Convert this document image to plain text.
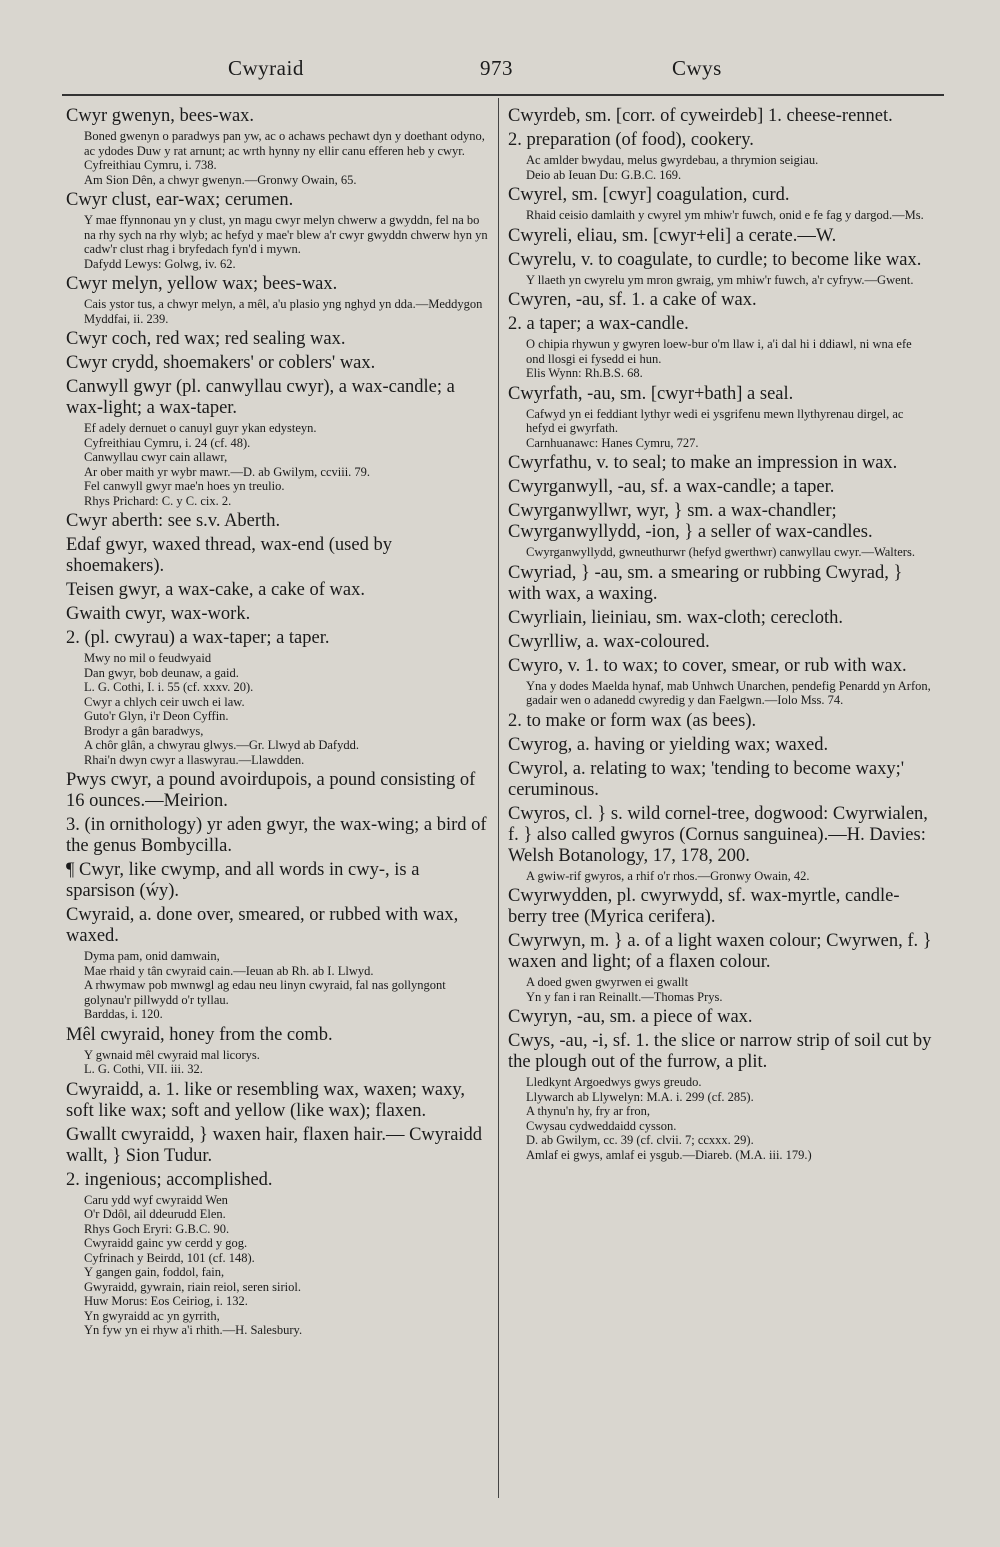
Cwyraid	973	Cwys

Cwyr gwenyn, bees-wax.

Boned gwenyn o paradwys pan yw, ac o achaws pechawt dyn y doethant odyno, ac ydodes Duw y rat arnunt; ac wrth hynny ny ellir canu efferen heb y cwyr.
Cyfreithiau Cymru, i. 738.
Am Sion Dên, a chwyr gwenyn.—Gronwy Owain, 65.

Cwyr clust, ear-wax; cerumen.

Y mae ffynnonau yn y clust, yn magu cwyr melyn chwerw a gwyddn, fel na bo na rhy sych na rhy wlyb; ac hefyd y mae'r blew a'r cwyr gwyddn chwerw hyn yn cadw'r clust rhag i bryfedach fyn'd i mywn.
Dafydd Lewys: Golwg, iv. 62.

Cwyr melyn, yellow wax; bees-wax.

Cais ystor tus, a chwyr melyn, a mêl, a'u plasio yng nghyd yn dda.—Meddygon Myddfai, ii. 239.

Cwyr coch, red wax; red sealing wax.

Cwyr crydd, shoemakers' or coblers' wax.

Canwyll gwyr (pl. canwyllau cwyr), a wax-candle; a wax-light; a wax-taper.

Ef adely dernuet o canuyl guyr ykan edysteyn.
Cyfreithiau Cymru, i. 24 (cf. 48).
Canwyllau cwyr cain allawr,
Ar ober maith yr wybr mawr.—D. ab Gwilym, ccviii. 79.
Fel canwyll gwyr mae'n hoes yn treulio.
Rhys Prichard: C. y C. cix. 2.

Cwyr aberth: see s.v. Aberth.

Edaf gwyr, waxed thread, wax-end (used by shoemakers).

Teisen gwyr, a wax-cake, a cake of wax.

Gwaith cwyr, wax-work.

2. (pl. cwyrau) a wax-taper; a taper.

Mwy no mil o feudwyaid
Dan gwyr, bob deunaw, a gaid.
L. G. Cothi, I. i. 55 (cf. xxxv. 20).
Cwyr a chlych ceir uwch ei law.
Guto'r Glyn, i'r Deon Cyffin.
Brodyr a gân baradwys,
A chôr glân, a chwyrau glwys.—Gr. Llwyd ab Dafydd.
Rhai'n dwyn cwyr a llaswyrau.—Llawdden.

Pwys cwyr, a pound avoirdupois, a pound consisting of 16 ounces.—Meirion.

3. (in ornithology) yr aden gwyr, the wax-wing; a bird of the genus Bombycilla.

¶ Cwyr, like cwymp, and all words in cwy-, is a sparsison (ẃy).

Cwyraid, a. done over, smeared, or rubbed with wax, waxed.

Dyma pam, onid damwain,
Mae rhaid y tân cwyraid cain.—Ieuan ab Rh. ab I. Llwyd.
A rhwymaw pob mwnwgl ag edau neu linyn cwyraid, fal nas gollyngont golynau'r pillwydd o'r tyllau.
Barddas, i. 120.

Mêl cwyraid, honey from the comb.

Y gwnaid mêl cwyraid mal licorys.
L. G. Cothi, VII. iii. 32.

Cwyraidd, a. 1. like or resembling wax, waxen; waxy, soft like wax; soft and yellow (like wax); flaxen.

Gwallt cwyraidd, } waxen hair, flaxen hair.— Cwyraidd wallt, } Sion Tudur.

2. ingenious; accomplished.

Caru ydd wyf cwyraidd Wen
O'r Ddôl, ail ddeurudd Elen.
Rhys Goch Eryri: G.B.C. 90.
Cwyraidd gainc yw cerdd y gog.
Cyfrinach y Beirdd, 101 (cf. 148).
Y gangen gain, foddol, fain,
Gwyraidd, gywrain, riain reiol, seren siriol.
Huw Morus: Eos Ceiriog, i. 132.
Yn gwyraidd ac yn gyrrith,
Yn fyw yn ei rhyw a'i rhith.—H. Salesbury.

Cwyrdeb, sm. [corr. of cyweirdeb] 1. cheese-rennet.

2. preparation (of food), cookery.

Ac amlder bwydau, melus gwyrdebau, a thrymion seigiau.
Deio ab Ieuan Du: G.B.C. 169.

Cwyrel, sm. [cwyr] coagulation, curd.

Rhaid ceisio damlaith y cwyrel ym mhiw'r fuwch, onid e fe fag y dargod.—Ms.

Cwyreli, eliau, sm. [cwyr+eli] a cerate.—W.

Cwyrelu, v. to coagulate, to curdle; to become like wax.

Y llaeth yn cwyrelu ym mron gwraig, ym mhiw'r fuwch, a'r cyfryw.—Gwent.

Cwyren, -au, sf. 1. a cake of wax.

2. a taper; a wax-candle.

O chipia rhywun y gwyren loew-bur o'm llaw i, a'i dal hi i ddiawl, ni wna efe ond llosgi ei fysedd ei hun.
Elis Wynn: Rh.B.S. 68.

Cwyrfath, -au, sm. [cwyr+bath] a seal.

Cafwyd yn ei feddiant lythyr wedi ei ysgrifenu mewn llythyrenau dirgel, ac hefyd ei gwyrfath.
Carnhuanawc: Hanes Cymru, 727.

Cwyrfathu, v. to seal; to make an impression in wax.

Cwyrganwyll, -au, sf. a wax-candle; a taper.

Cwyrganwyllwr, wyr, } sm. a wax-chandler; Cwyrganwyllydd, -ion, } a seller of wax-candles.

Cwyrganwyllydd, gwneuthurwr (hefyd gwerthwr) canwyllau cwyr.—Walters.

Cwyriad, } -au, sm. a smearing or rubbing Cwyrad, } with wax, a waxing.

Cwyrliain, lieiniau, sm. wax-cloth; cerecloth.

Cwyrlliw, a. wax-coloured.

Cwyro, v. 1. to wax; to cover, smear, or rub with wax.

Yna y dodes Maelda hynaf, mab Unhwch Unarchen, pendefig Penardd yn Arfon, gadair wen o adanedd cwyredig y dan Faelgwn.—Iolo Mss. 74.

2. to make or form wax (as bees).

Cwyrog, a. having or yielding wax; waxed.

Cwyrol, a. relating to wax; 'tending to become waxy;' ceruminous.

Cwyros, cl. } s. wild cornel-tree, dogwood: Cwyrwialen, f. } also called gwyros (Cornus sanguinea).—H. Davies: Welsh Botanology, 17, 178, 200.

A gwiw-rif gwyros, a rhif o'r rhos.—Gronwy Owain, 42.

Cwyrwydden, pl. cwyrwydd, sf. wax-myrtle, candle-berry tree (Myrica cerifera).

Cwyrwyn, m. } a. of a light waxen colour; Cwyrwen, f. } waxen and light; of a flaxen colour.

A doed gwen gwyrwen ei gwallt
Yn y fan i ran Reinallt.—Thomas Prys.

Cwyryn, -au, sm. a piece of wax.

Cwys, -au, -i, sf. 1. the slice or narrow strip of soil cut by the plough out of the furrow, a plit.

Lledkynt Argoedwys gwys greudo.
Llywarch ab Llywelyn: M.A. i. 299 (cf. 285).
A thynu'n hy, fry ar fron,
Cwysau cydweddaidd cysson.
D. ab Gwilym, cc. 39 (cf. clvii. 7; ccxxx. 29).
Amlaf ei gwys, amlaf ei ysgub.—Diareb. (M.A. iii. 179.)
